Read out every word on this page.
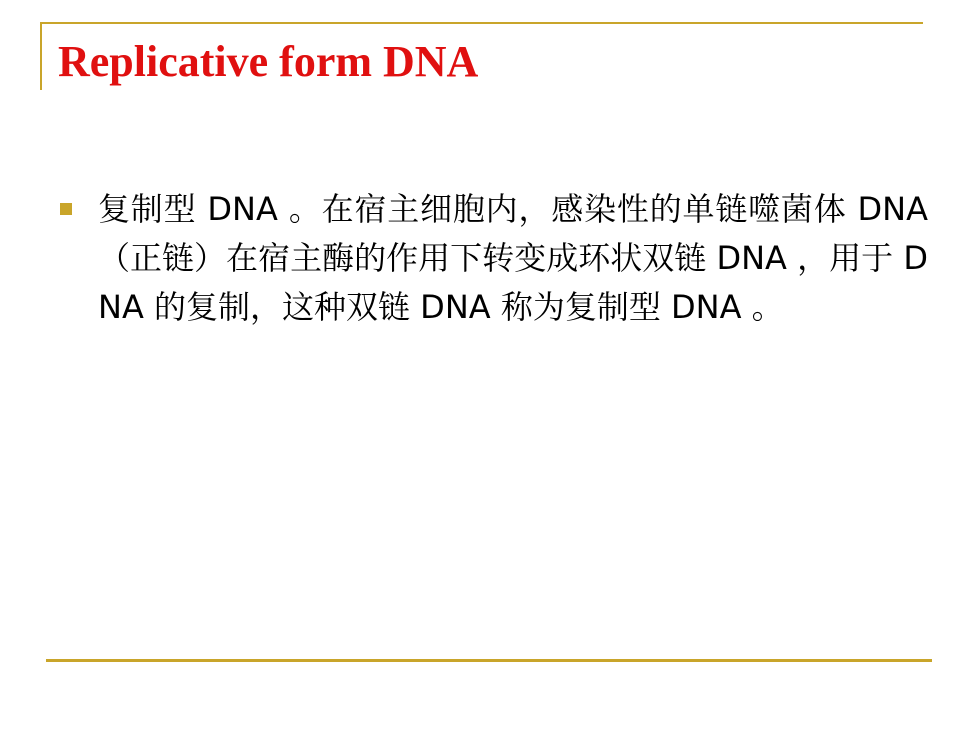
Replicative form DNA

复制型 DNA 。在宿主细胞内，感染性的单链噬菌体 DNA （正链）在宿主酶的作用下转变成环状双链 DNA ，用于 DNA 的复制，这种双链 DNA 称为复制型 DNA 。
